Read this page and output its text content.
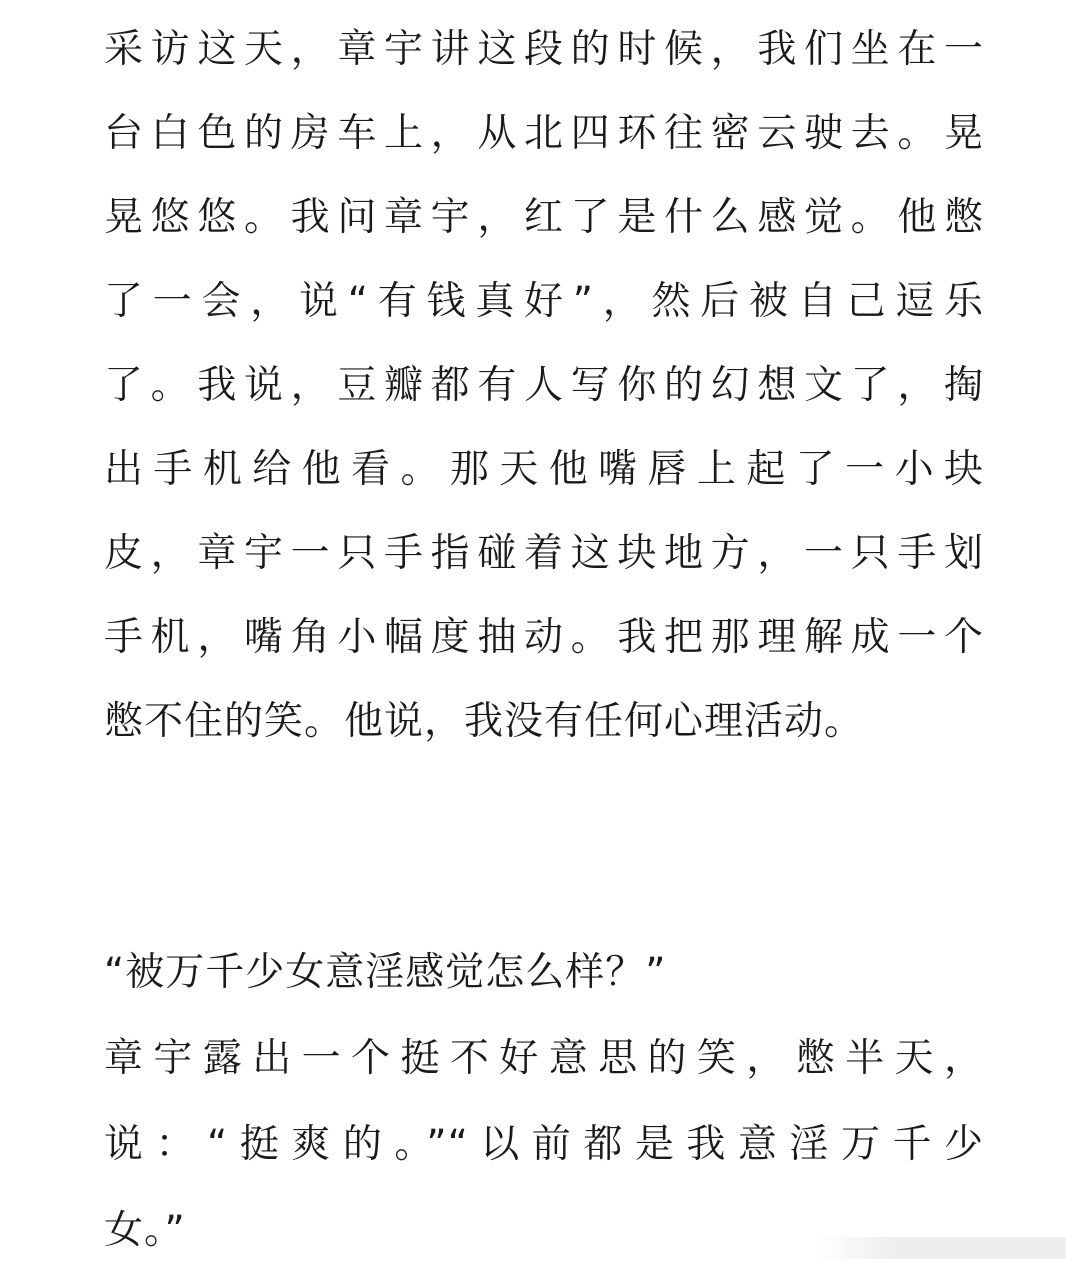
采访这天，章宇讲这段的时候，我们坐在一
台白色的房车上，从北四环往密云驶去。晃
晃悠悠。我问章宇，红了是什么感觉。他憋
了一会，说“有钱真好”，然后被自己逗乐
了。我说，豆瓣都有人写你的幻想文了，掏
出手机给他看。那天他嘴唇上起了一小块
皮，章宇一只手指碰着这块地方，一只手划
手机，嘴角小幅度抽动。我把那理解成一个
憋不住的笑。他说，我没有任何心理活动。
“被万千少女意淫感觉怎么样？”
章宇露出一个挺不好意思的笑，憋半天，
说：“挺爽的。”“以前都是我意淫万千少
女。”
